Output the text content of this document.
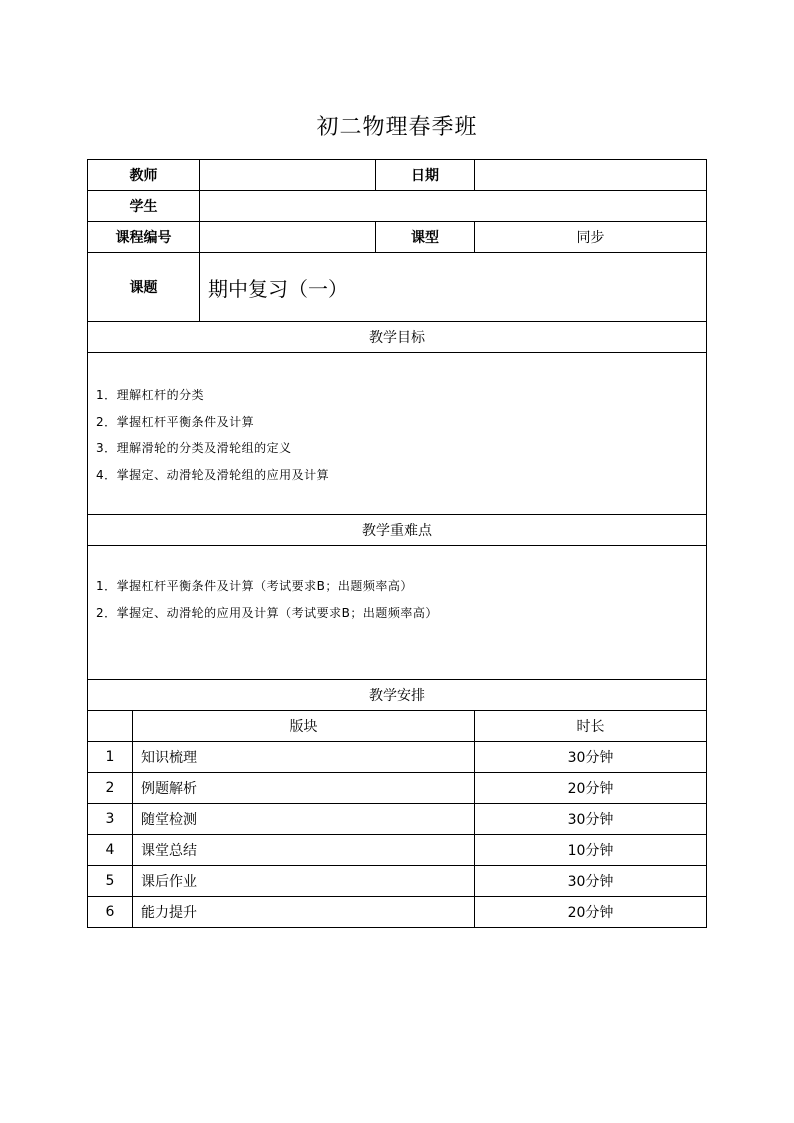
初二物理春季班
教师			日期	
学生				
课程编号			课型	同步
课题		期中复习（一）		
教学目标				

1．理解杠杆的分类
2．掌握杠杆平衡条件及计算
3．理解滑轮的分类及滑轮组的定义
4．掌握定、动滑轮及滑轮组的应用及计算				

教学重难点				

1．掌握杠杆平衡条件及计算（考试要求B；出题频率高）
2．掌握定、动滑轮的应用及计算（考试要求B；出题频率高）				

教学安排				
	版块			时长
1	知识梳理			30分钟
2	例题解析			20分钟
3	随堂检测			30分钟
4	课堂总结			10分钟
5	课后作业			30分钟
6	能力提升			20分钟
